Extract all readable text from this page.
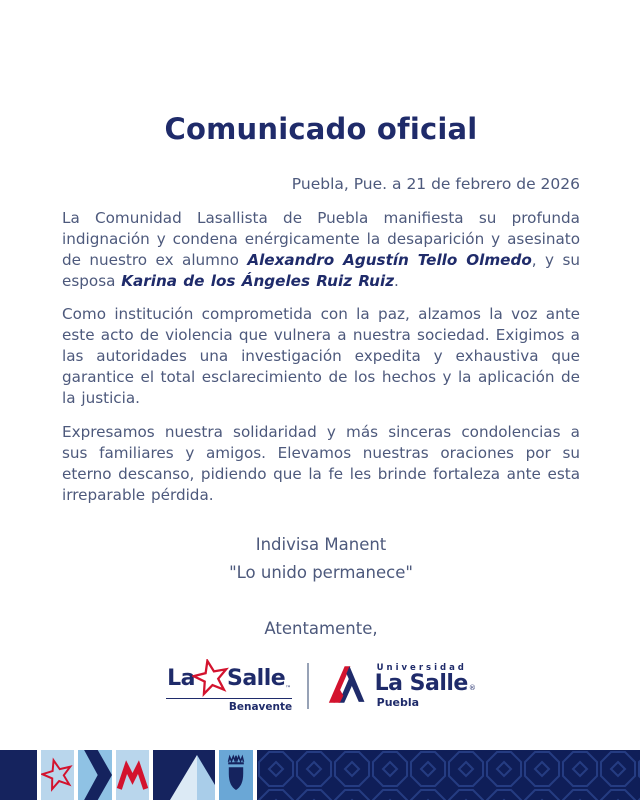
Comunicado oficial
Puebla, Pue. a 21 de febrero de 2026

La Comunidad Lasallista de Puebla manifiesta su profunda indignación y condena enérgicamente la desaparición y asesinato de nuestro ex alumno Alexandro Agustín Tello Olmedo, y su esposa Karina de los Ángeles Ruiz Ruiz.

Como institución comprometida con la paz, alzamos la voz ante este acto de violencia que vulnera a nuestra sociedad. Exigimos a las autoridades una investigación expedita y exhaustiva que garantice el total esclarecimiento de los hechos y la aplicación de la justicia.

Expresamos nuestra solidaridad y más sinceras condolencias a sus familiares y amigos. Elevamos nuestras oraciones por su eterno descanso, pidiendo que la fe les brinde fortaleza ante esta irreparable pérdida.

Indivisa Manent
"Lo unido permanece"
Atentamente,
La Salle ™
Benavente
Universidad
La Salle ®
Puebla
